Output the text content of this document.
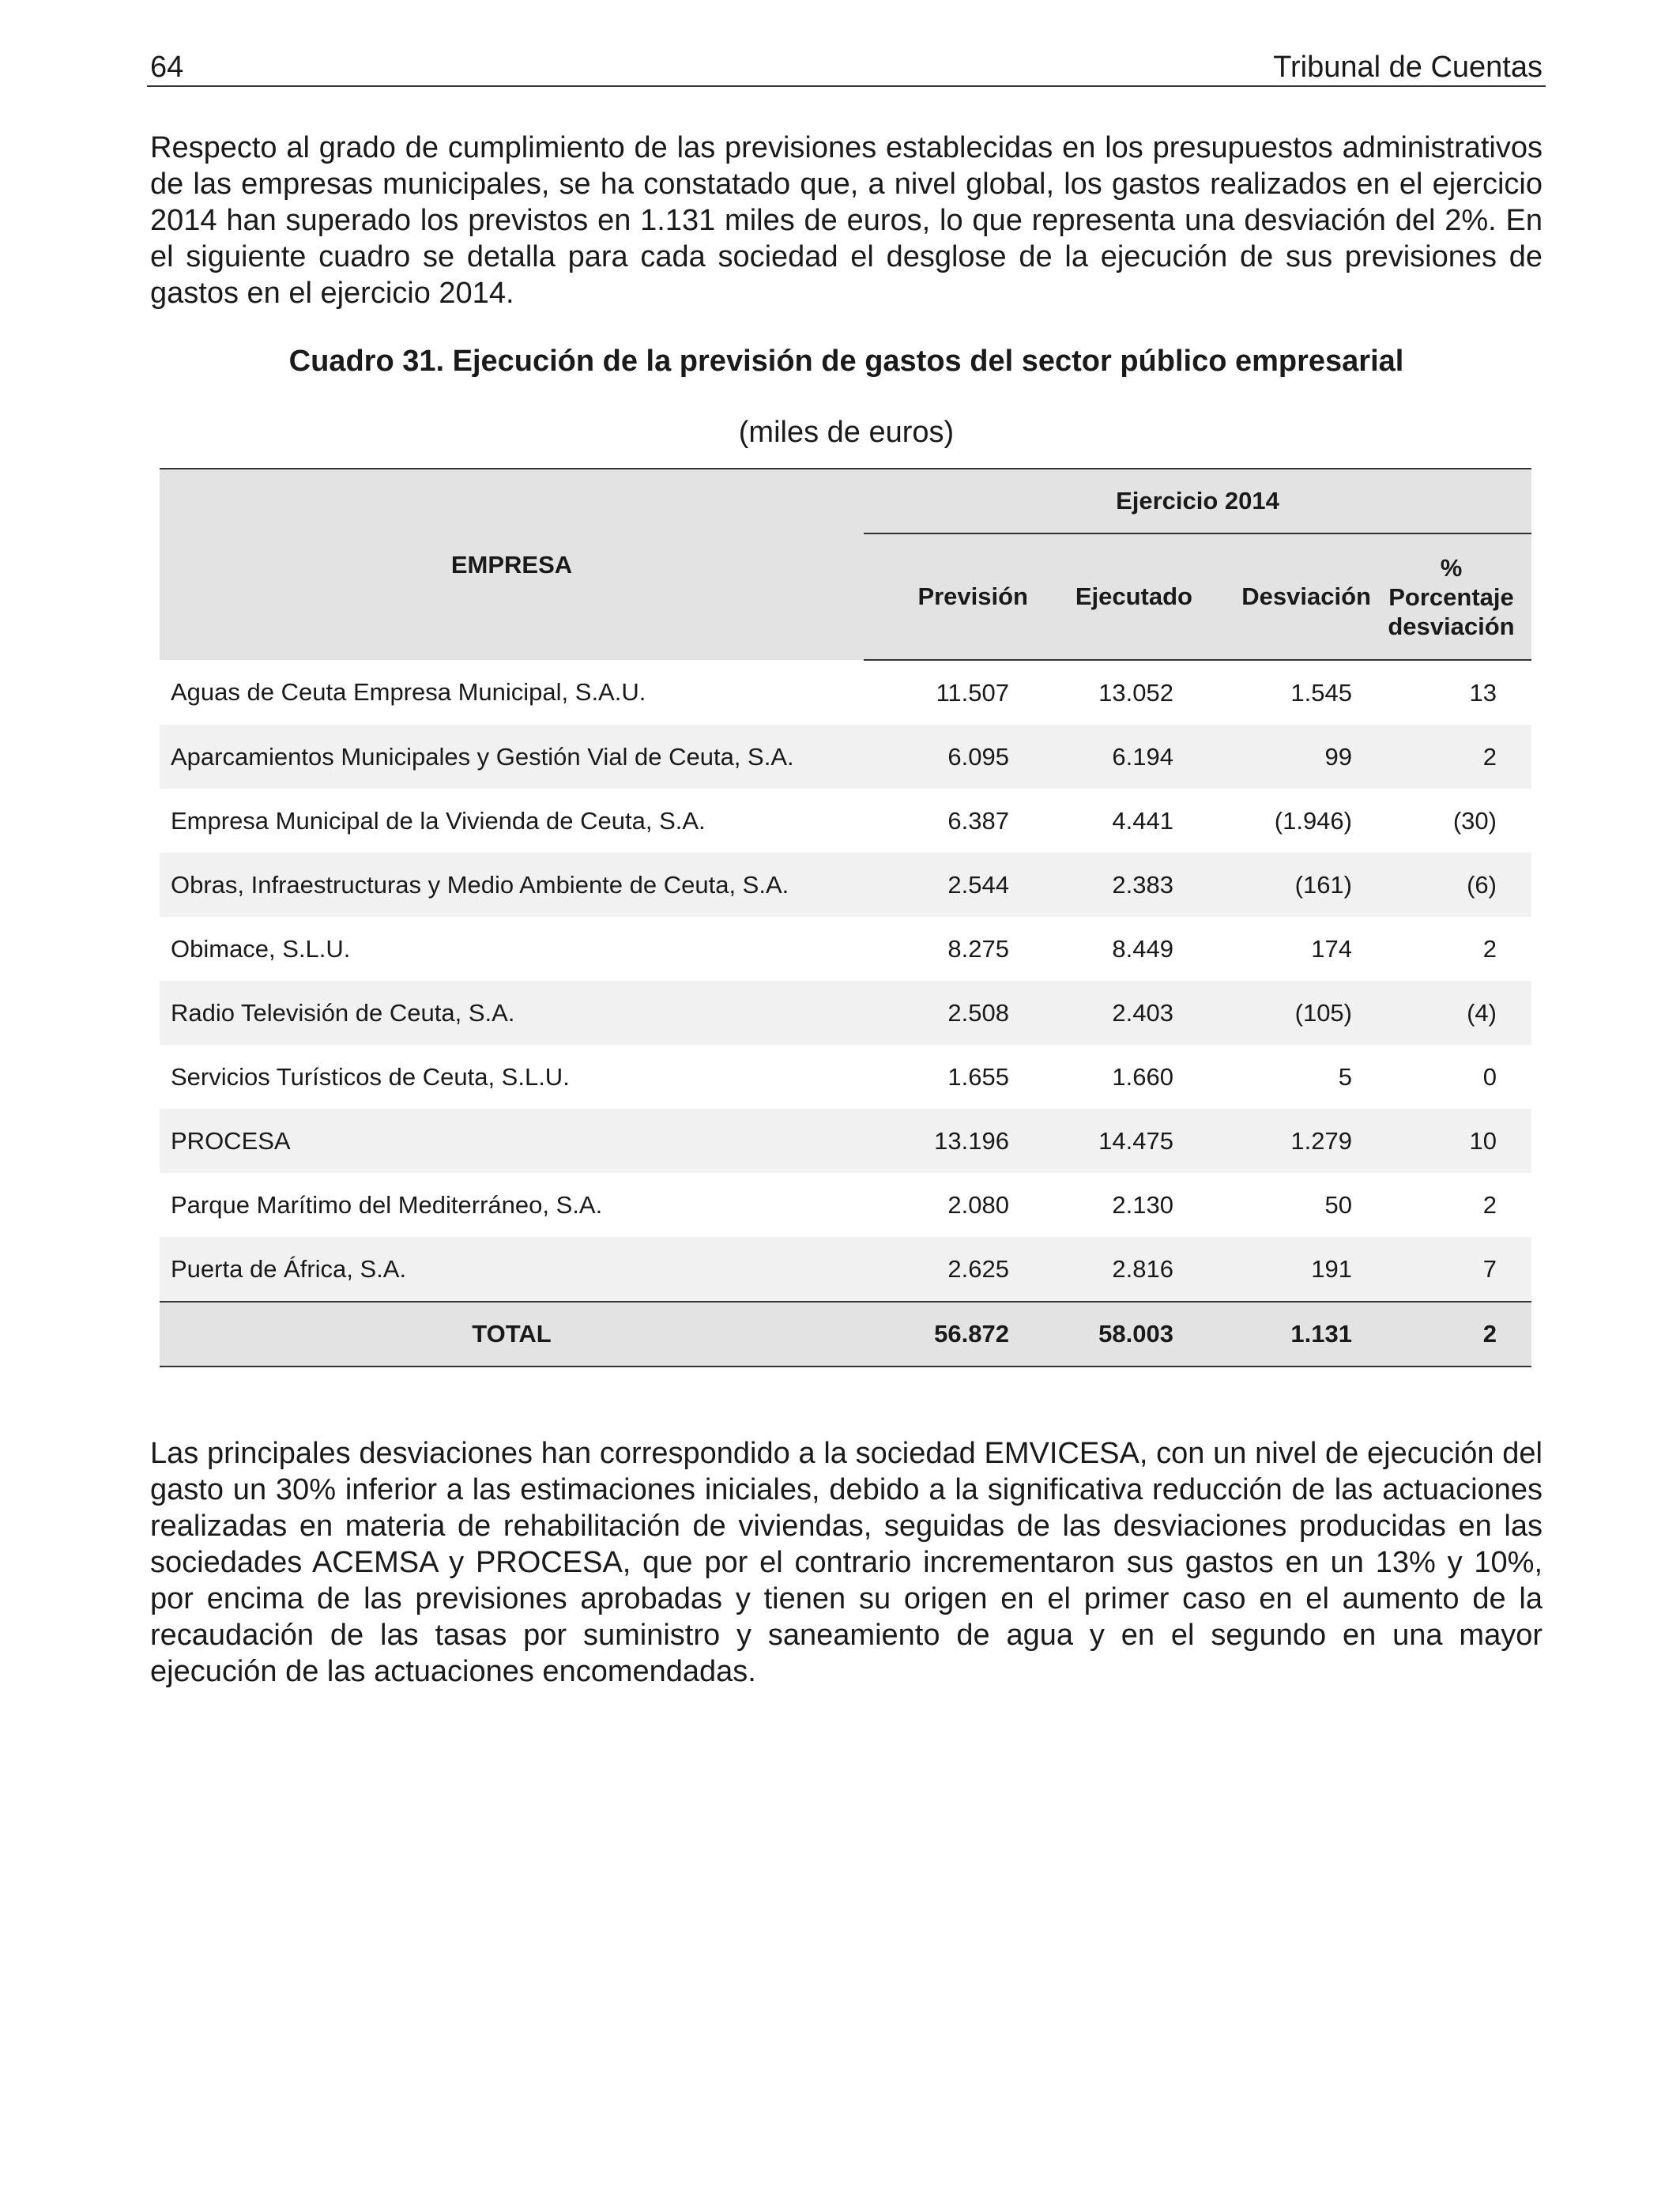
64	Tribunal de Cuentas

Respecto al grado de cumplimiento de las previsiones establecidas en los presupuestos administrativos de las empresas municipales, se ha constatado que, a nivel global, los gastos realizados en el ejercicio 2014 han superado los previstos en 1.131 miles de euros, lo que representa una desviación del 2%. En el siguiente cuadro se detalla para cada sociedad el desglose de la ejecución de sus previsiones de gastos en el ejercicio 2014.

Cuadro 31. Ejecución de la previsión de gastos del sector público empresarial
(miles de euros)
EMPRESA	Ejercicio 2014			
	Previsión	Ejecutado	Desviación	%
Porcentaje
desviación

Aguas de Ceuta Empresa Municipal, S.A.U.	11.507	13.052	1.545	13
Aparcamientos Municipales y Gestión Vial de Ceuta, S.A.	6.095	6.194	99	2
Empresa Municipal de la Vivienda de Ceuta, S.A.	6.387	4.441	(1.946)	(30)
Obras, Infraestructuras y Medio Ambiente de Ceuta, S.A.	2.544	2.383	(161)	(6)
Obimace, S.L.U.	8.275	8.449	174	2
Radio Televisión de Ceuta, S.A.	2.508	2.403	(105)	(4)
Servicios Turísticos de Ceuta, S.L.U.	1.655	1.660	5	0
PROCESA	13.196	14.475	1.279	10
Parque Marítimo del Mediterráneo, S.A.	2.080	2.130	50	2
Puerta de África, S.A.	2.625	2.816	191	7
TOTAL	56.872	58.003	1.131	2

Las principales desviaciones han correspondido a la sociedad EMVICESA, con un nivel de ejecución del gasto un 30% inferior a las estimaciones iniciales, debido a la significativa reducción de las actuaciones realizadas en materia de rehabilitación de viviendas, seguidas de las desviaciones producidas en las sociedades ACEMSA y PROCESA, que por el contrario incrementaron sus gastos en un 13% y 10%, por encima de las previsiones aprobadas y tienen su origen en el primer caso en el aumento de la recaudación de las tasas por suministro y saneamiento de agua y en el segundo en una mayor ejecución de las actuaciones encomendadas.
